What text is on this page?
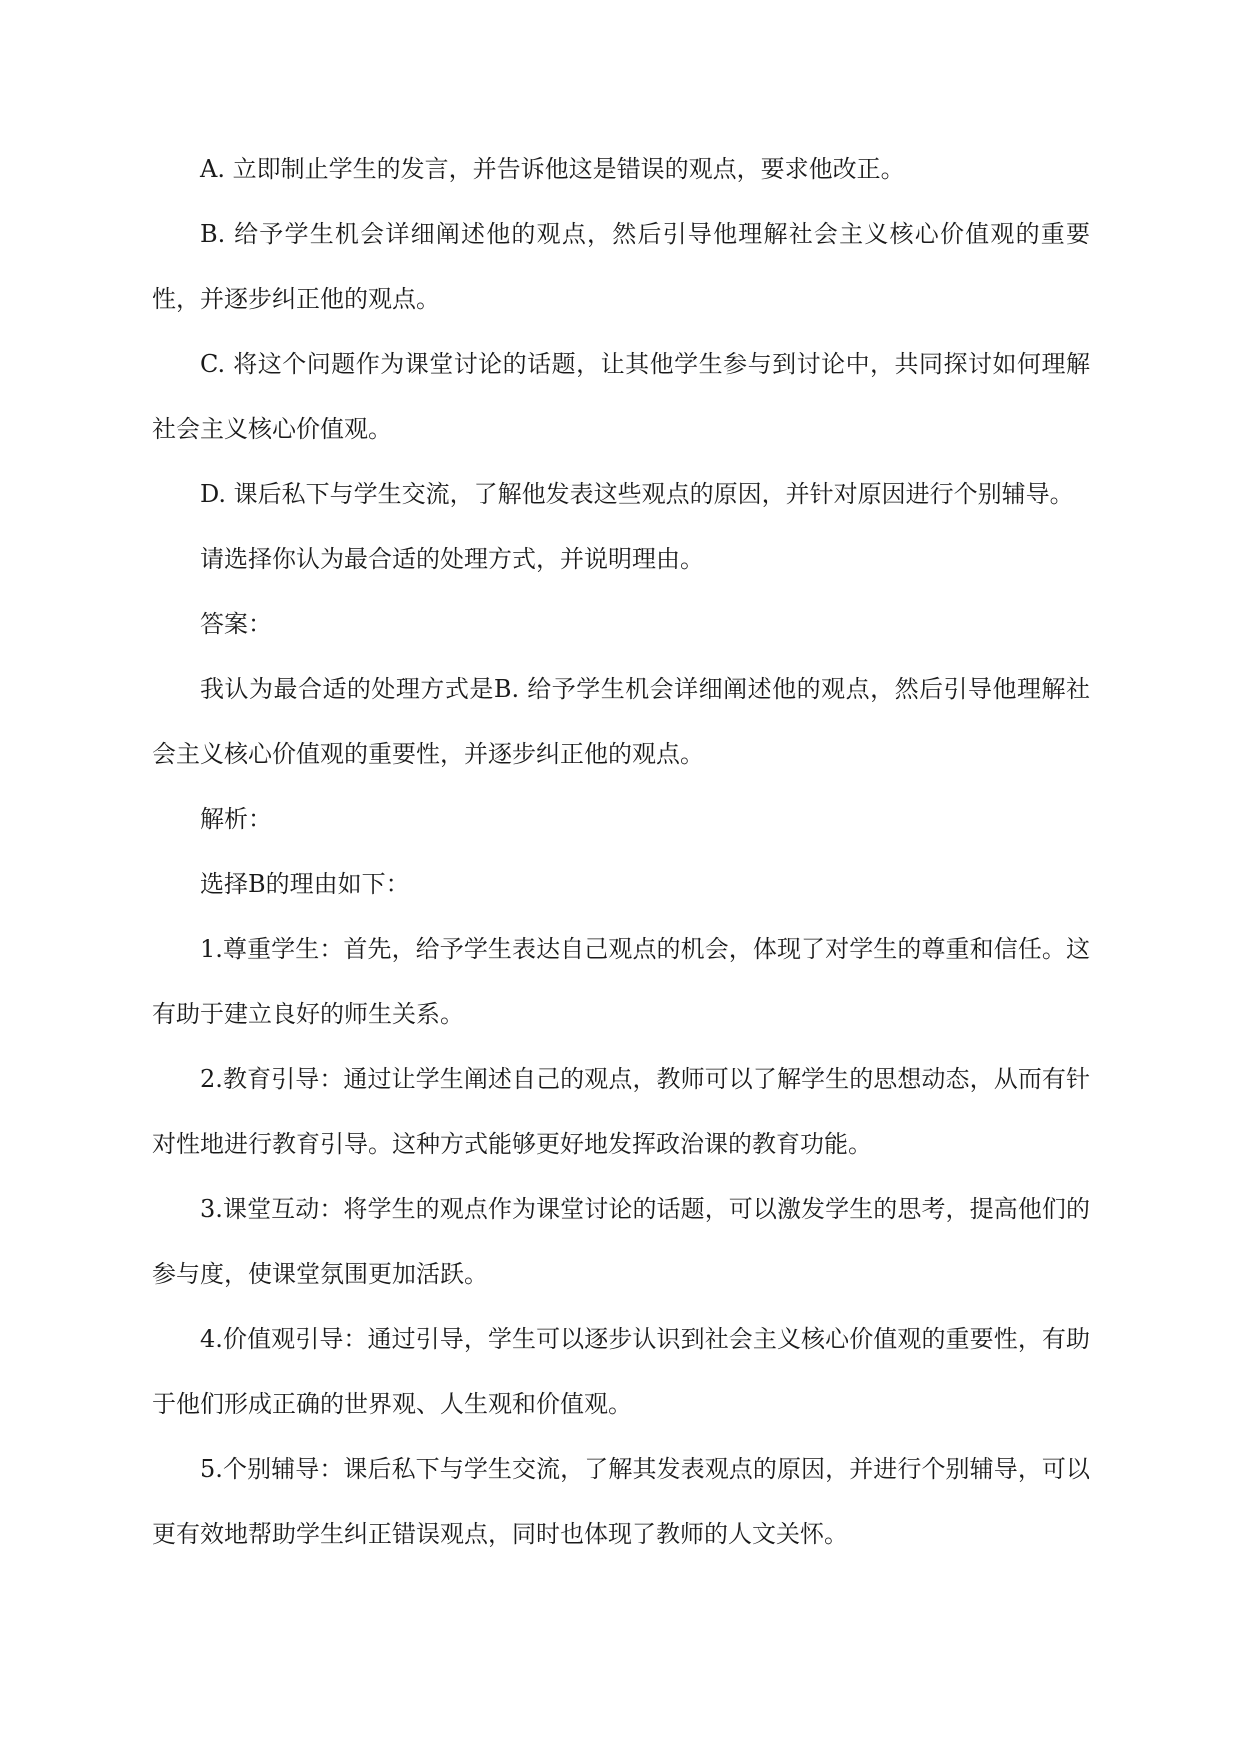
A. 立即制止学生的发言，并告诉他这是错误的观点，要求他改正。

B. 给予学生机会详细阐述他的观点，然后引导他理解社会主义核心价值观的重要性，并逐步纠正他的观点。

C. 将这个问题作为课堂讨论的话题，让其他学生参与到讨论中，共同探讨如何理解社会主义核心价值观。

D. 课后私下与学生交流，了解他发表这些观点的原因，并针对原因进行个别辅导。

请选择你认为最合适的处理方式，并说明理由。

答案：

我认为最合适的处理方式是B. 给予学生机会详细阐述他的观点，然后引导他理解社会主义核心价值观的重要性，并逐步纠正他的观点。

解析：

选择B的理由如下：

1.尊重学生：首先，给予学生表达自己观点的机会，体现了对学生的尊重和信任。这有助于建立良好的师生关系。

2.教育引导：通过让学生阐述自己的观点，教师可以了解学生的思想动态，从而有针对性地进行教育引导。这种方式能够更好地发挥政治课的教育功能。

3.课堂互动：将学生的观点作为课堂讨论的话题，可以激发学生的思考，提高他们的参与度，使课堂氛围更加活跃。

4.价值观引导：通过引导，学生可以逐步认识到社会主义核心价值观的重要性，有助于他们形成正确的世界观、人生观和价值观。

5.个别辅导：课后私下与学生交流，了解其发表观点的原因，并进行个别辅导，可以更有效地帮助学生纠正错误观点，同时也体现了教师的人文关怀。
